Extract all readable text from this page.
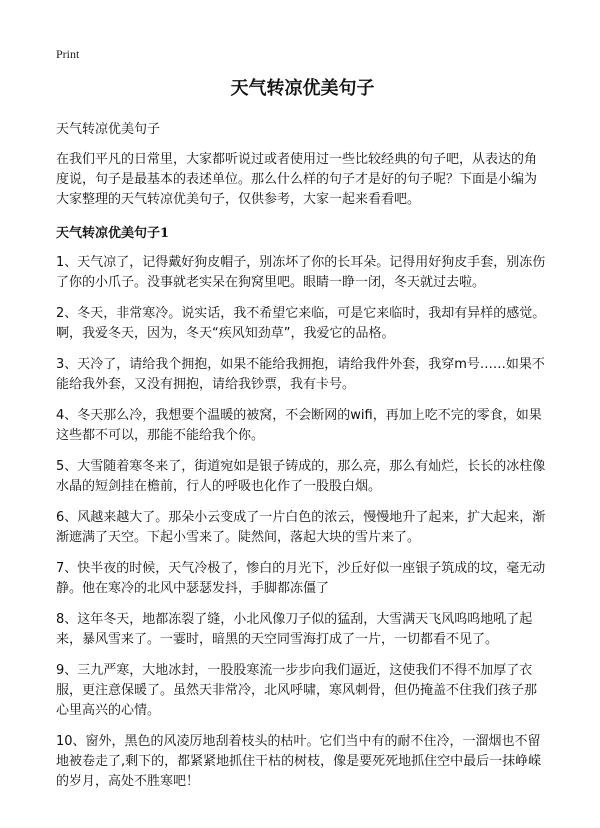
Print
天气转凉优美句子

天气转凉优美句子

在我们平凡的日常里，大家都听说过或者使用过一些比较经典的句子吧，从表达的角度说，句子是最基本的表述单位。那么什么样的句子才是好的句子呢？下面是小编为大家整理的天气转凉优美句子，仅供参考，大家一起来看看吧。

天气转凉优美句子1

1、天气凉了，记得戴好狗皮帽子，别冻坏了你的长耳朵。记得用好狗皮手套，别冻伤了你的小爪子。没事就老实呆在狗窝里吧。眼睛一睁一闭，冬天就过去啦。

2、冬天，非常寒冷。说实话，我不希望它来临，可是它来临时，我却有异样的感觉。啊，我爱冬天，因为，冬天“疾风知劲草”，我爱它的品格。

3、天冷了，请给我个拥抱，如果不能给我拥抱，请给我件外套，我穿m号……如果不能给我外套，又没有拥抱，请给我钞票，我有卡号。

4、冬天那么冷，我想要个温暖的被窝，不会断网的wifi，再加上吃不完的零食，如果这些都不可以，那能不能给我个你。

5、大雪随着寒冬来了，街道宛如是银子铸成的，那么亮，那么有灿烂，长长的冰柱像水晶的短剑挂在檐前，行人的呼吸也化作了一股股白烟。

6、风越来越大了。那朵小云变成了一片白色的浓云，慢慢地升了起来，扩大起来，渐渐遮满了天空。下起小雪来了。陡然间，落起大块的雪片来了。

7、快半夜的时候，天气冷极了，惨白的月光下，沙丘好似一座银子筑成的坟，毫无动静。他在寒冷的北风中瑟瑟发抖，手脚都冻僵了

8、这年冬天，地都冻裂了缝，小北风像刀子似的猛刮，大雪满天飞风呜呜地吼了起来，暴风雪来了。一霎时，暗黑的天空同雪海打成了一片，一切都看不见了。

9、三九严寒，大地冰封，一股股寒流一步步向我们逼近，这使我们不得不加厚了衣服，更注意保暖了。虽然天非常冷，北风呼啸，寒风刺骨，但仍掩盖不住我们孩子那心里高兴的心情。

10、窗外，黑色的风凌厉地刮着枝头的枯叶。它们当中有的耐不住冷，一溜烟也不留地被卷走了,剩下的，都紧紧地抓住干枯的树枝，像是要死死地抓住空中最后一抹峥嵘的岁月，高处不胜寒吧！
